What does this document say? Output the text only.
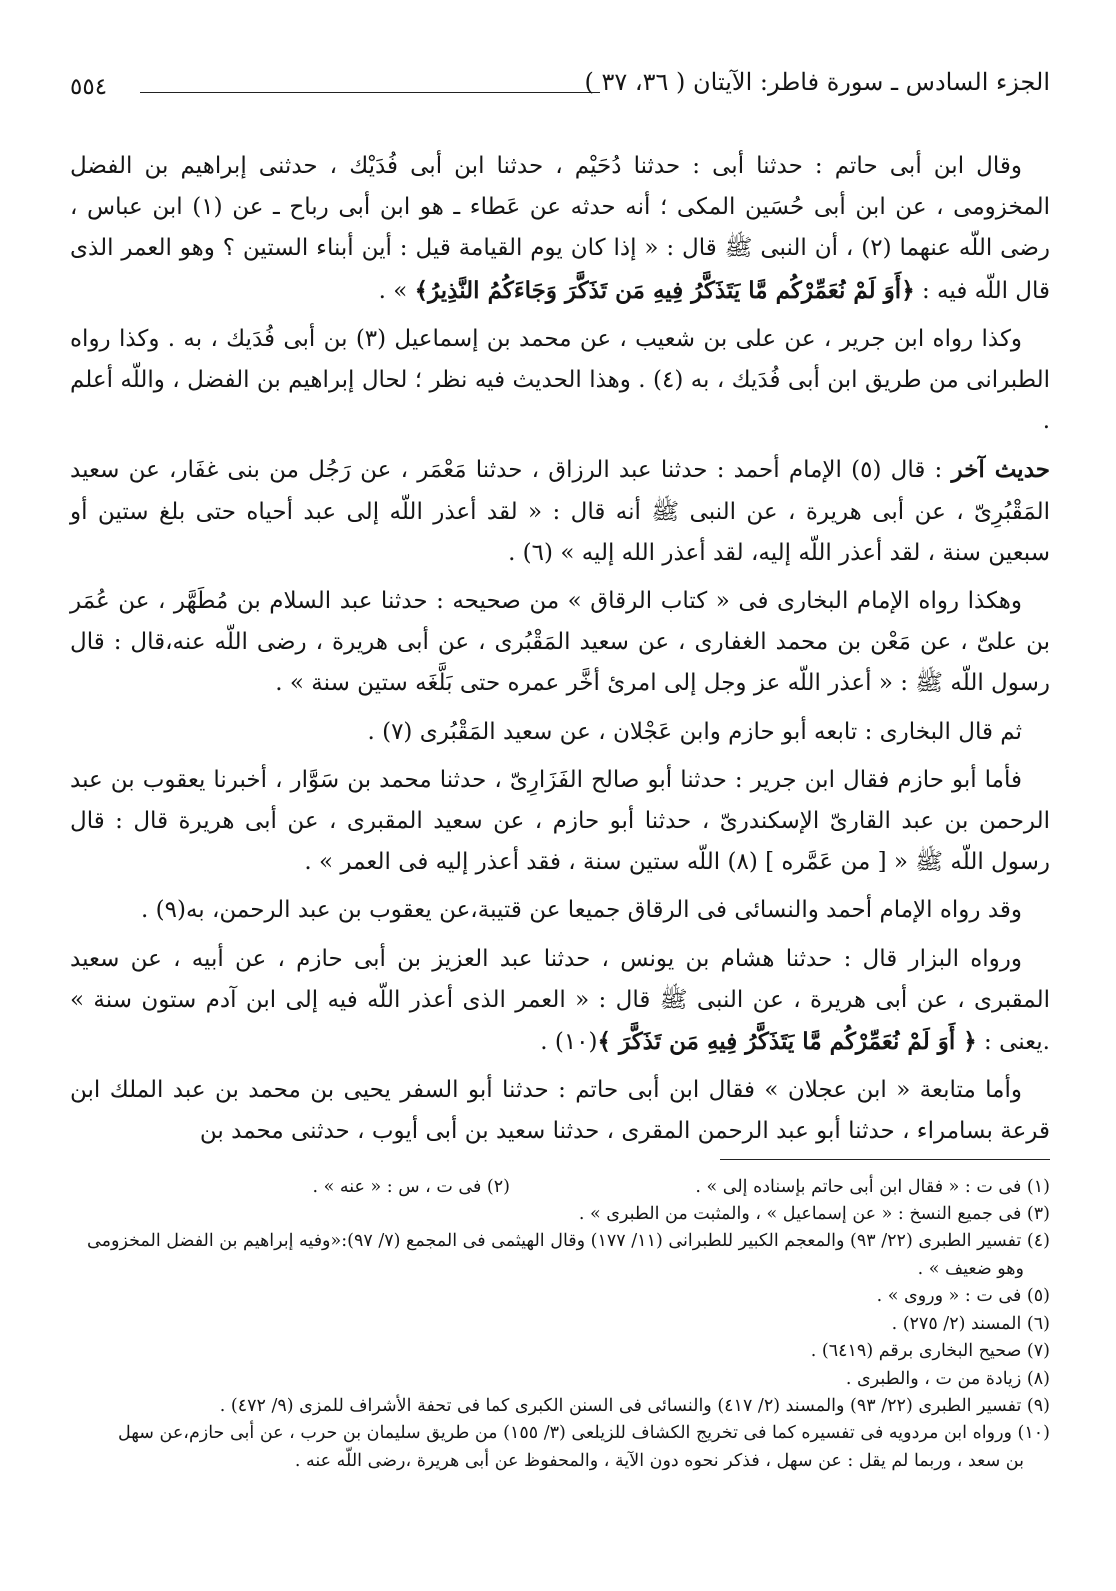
٥٥٤	الجزء السادس ـ سورة فاطر: الآيتان ( ٣٦، ٣٧ )

وقال ابن أبى حاتم : حدثنا أبى : حدثنا دُحَيْم ، حدثنا ابن أبى فُدَيْك ، حدثنى إبراهيم بن الفضل المخزومى ، عن ابن أبى حُسَين المكى ؛ أنه حدثه عن عَطاء ـ هو ابن أبى رباح ـ عن (١) ابن عباس ، رضى اللّه عنهما (٢) ، أن النبى ﷺ قال : « إذا كان يوم القيامة قيل : أين أبناء الستين ؟ وهو العمر الذى قال اللّه فيه : ﴿أَوَ لَمْ نُعَمِّرْكُم مَّا يَتَذَكَّرُ فِيهِ مَن تَذَكَّرَ وَجَاءَكُمُ النَّذِيرُ﴾ » .

وكذا رواه ابن جرير ، عن على بن شعيب ، عن محمد بن إسماعيل (٣) بن أبى فُدَيك ، به . وكذا رواه الطبرانى من طريق ابن أبى فُدَيك ، به (٤) . وهذا الحديث فيه نظر ؛ لحال إبراهيم بن الفضل ، واللّه أعلم .

حديث آخر : قال (٥) الإمام أحمد : حدثنا عبد الرزاق ، حدثنا مَعْمَر ، عن رَجُل من بنى غفَار، عن سعيد المَقْبُرِىّ ، عن أبى هريرة ، عن النبى ﷺ أنه قال : « لقد أعذر اللّه إلى عبد أحياه حتى بلغ ستين أو سبعين سنة ، لقد أعذر اللّه إليه، لقد أعذر الله إليه » (٦) .

وهكذا رواه الإمام البخارى فى « كتاب الرقاق » من صحيحه : حدثنا عبد السلام بن مُطَهَّر ، عن عُمَر بن علىّ ، عن مَعْن بن محمد الغفارى ، عن سعيد المَقْبُرى ، عن أبى هريرة ، رضى اللّه عنه،قال : قال رسول اللّه ﷺ : « أعذر اللّه عز وجل إلى امرئ أخَّر عمره حتى بَلَّغَه ستين سنة » .

ثم قال البخارى : تابعه أبو حازم وابن عَجْلان ، عن سعيد المَقْبُرى (٧) .

فأما أبو حازم فقال ابن جرير : حدثنا أبو صالح الفَزَارِىّ ، حدثنا محمد بن سَوَّار ، أخبرنا يعقوب بن عبد الرحمن بن عبد القارىّ الإسكندرىّ ، حدثنا أبو حازم ، عن سعيد المقبرى ، عن أبى هريرة قال : قال رسول اللّه ﷺ « [ من عَمَّره ] (٨) اللّه ستين سنة ، فقد أعذر إليه فى العمر » .

وقد رواه الإمام أحمد والنسائى فى الرقاق جميعا عن قتيبة،عن يعقوب بن عبد الرحمن، به(٩) .

ورواه البزار قال : حدثنا هشام بن يونس ، حدثنا عبد العزيز بن أبى حازم ، عن أبيه ، عن سعيد المقبرى ، عن أبى هريرة ، عن النبى ﷺ قال : « العمر الذى أعذر اللّه فيه إلى ابن آدم ستون سنة » .يعنى : ﴿ أَوَ لَمْ نُعَمِّرْكُم مَّا يَتَذَكَّرُ فِيهِ مَن تَذَكَّرَ ﴾(١٠) .

وأما متابعة « ابن عجلان » فقال ابن أبى حاتم : حدثنا أبو السفر يحيى بن محمد بن عبد الملك ابن قرعة بسامراء ، حدثنا أبو عبد الرحمن المقرى ، حدثنا سعيد بن أبى أيوب ، حدثنى محمد بن

(١) فى ت : « فقال ابن أبى حاتم بإسناده إلى » .

(٢) فى ت ، س : « عنه » .

(٣) فى جميع النسخ : « عن إسماعيل » ، والمثبت من الطبرى » .

(٤) تفسير الطبرى (٢٢/ ٩٣) والمعجم الكبير للطبرانى (١١/ ١٧٧) وقال الهيثمى فى المجمع (٧/ ٩٧):«وفيه إبراهيم بن الفضل المخزومى

وهو ضعيف » .

(٥) فى ت : « وروى » .

(٦) المسند (٢/ ٢٧٥) .

(٧) صحيح البخارى برقم (٦٤١٩) .

(٨) زيادة من ت ، والطبرى .

(٩) تفسير الطبرى (٢٢/ ٩٣) والمسند (٢/ ٤١٧) والنسائى فى السنن الكبرى كما فى تحفة الأشراف للمزى (٩/ ٤٧٢) .

(١٠) ورواه ابن مردويه فى تفسيره كما فى تخريج الكشاف للزيلعى (٣/ ١٥٥) من طريق سليمان بن حرب ، عن أبى حازم،عن سهل

بن سعد ، وربما لم يقل : عن سهل ، فذكر نحوه دون الآية ، والمحفوظ عن أبى هريرة ،رضى اللّه عنه .
